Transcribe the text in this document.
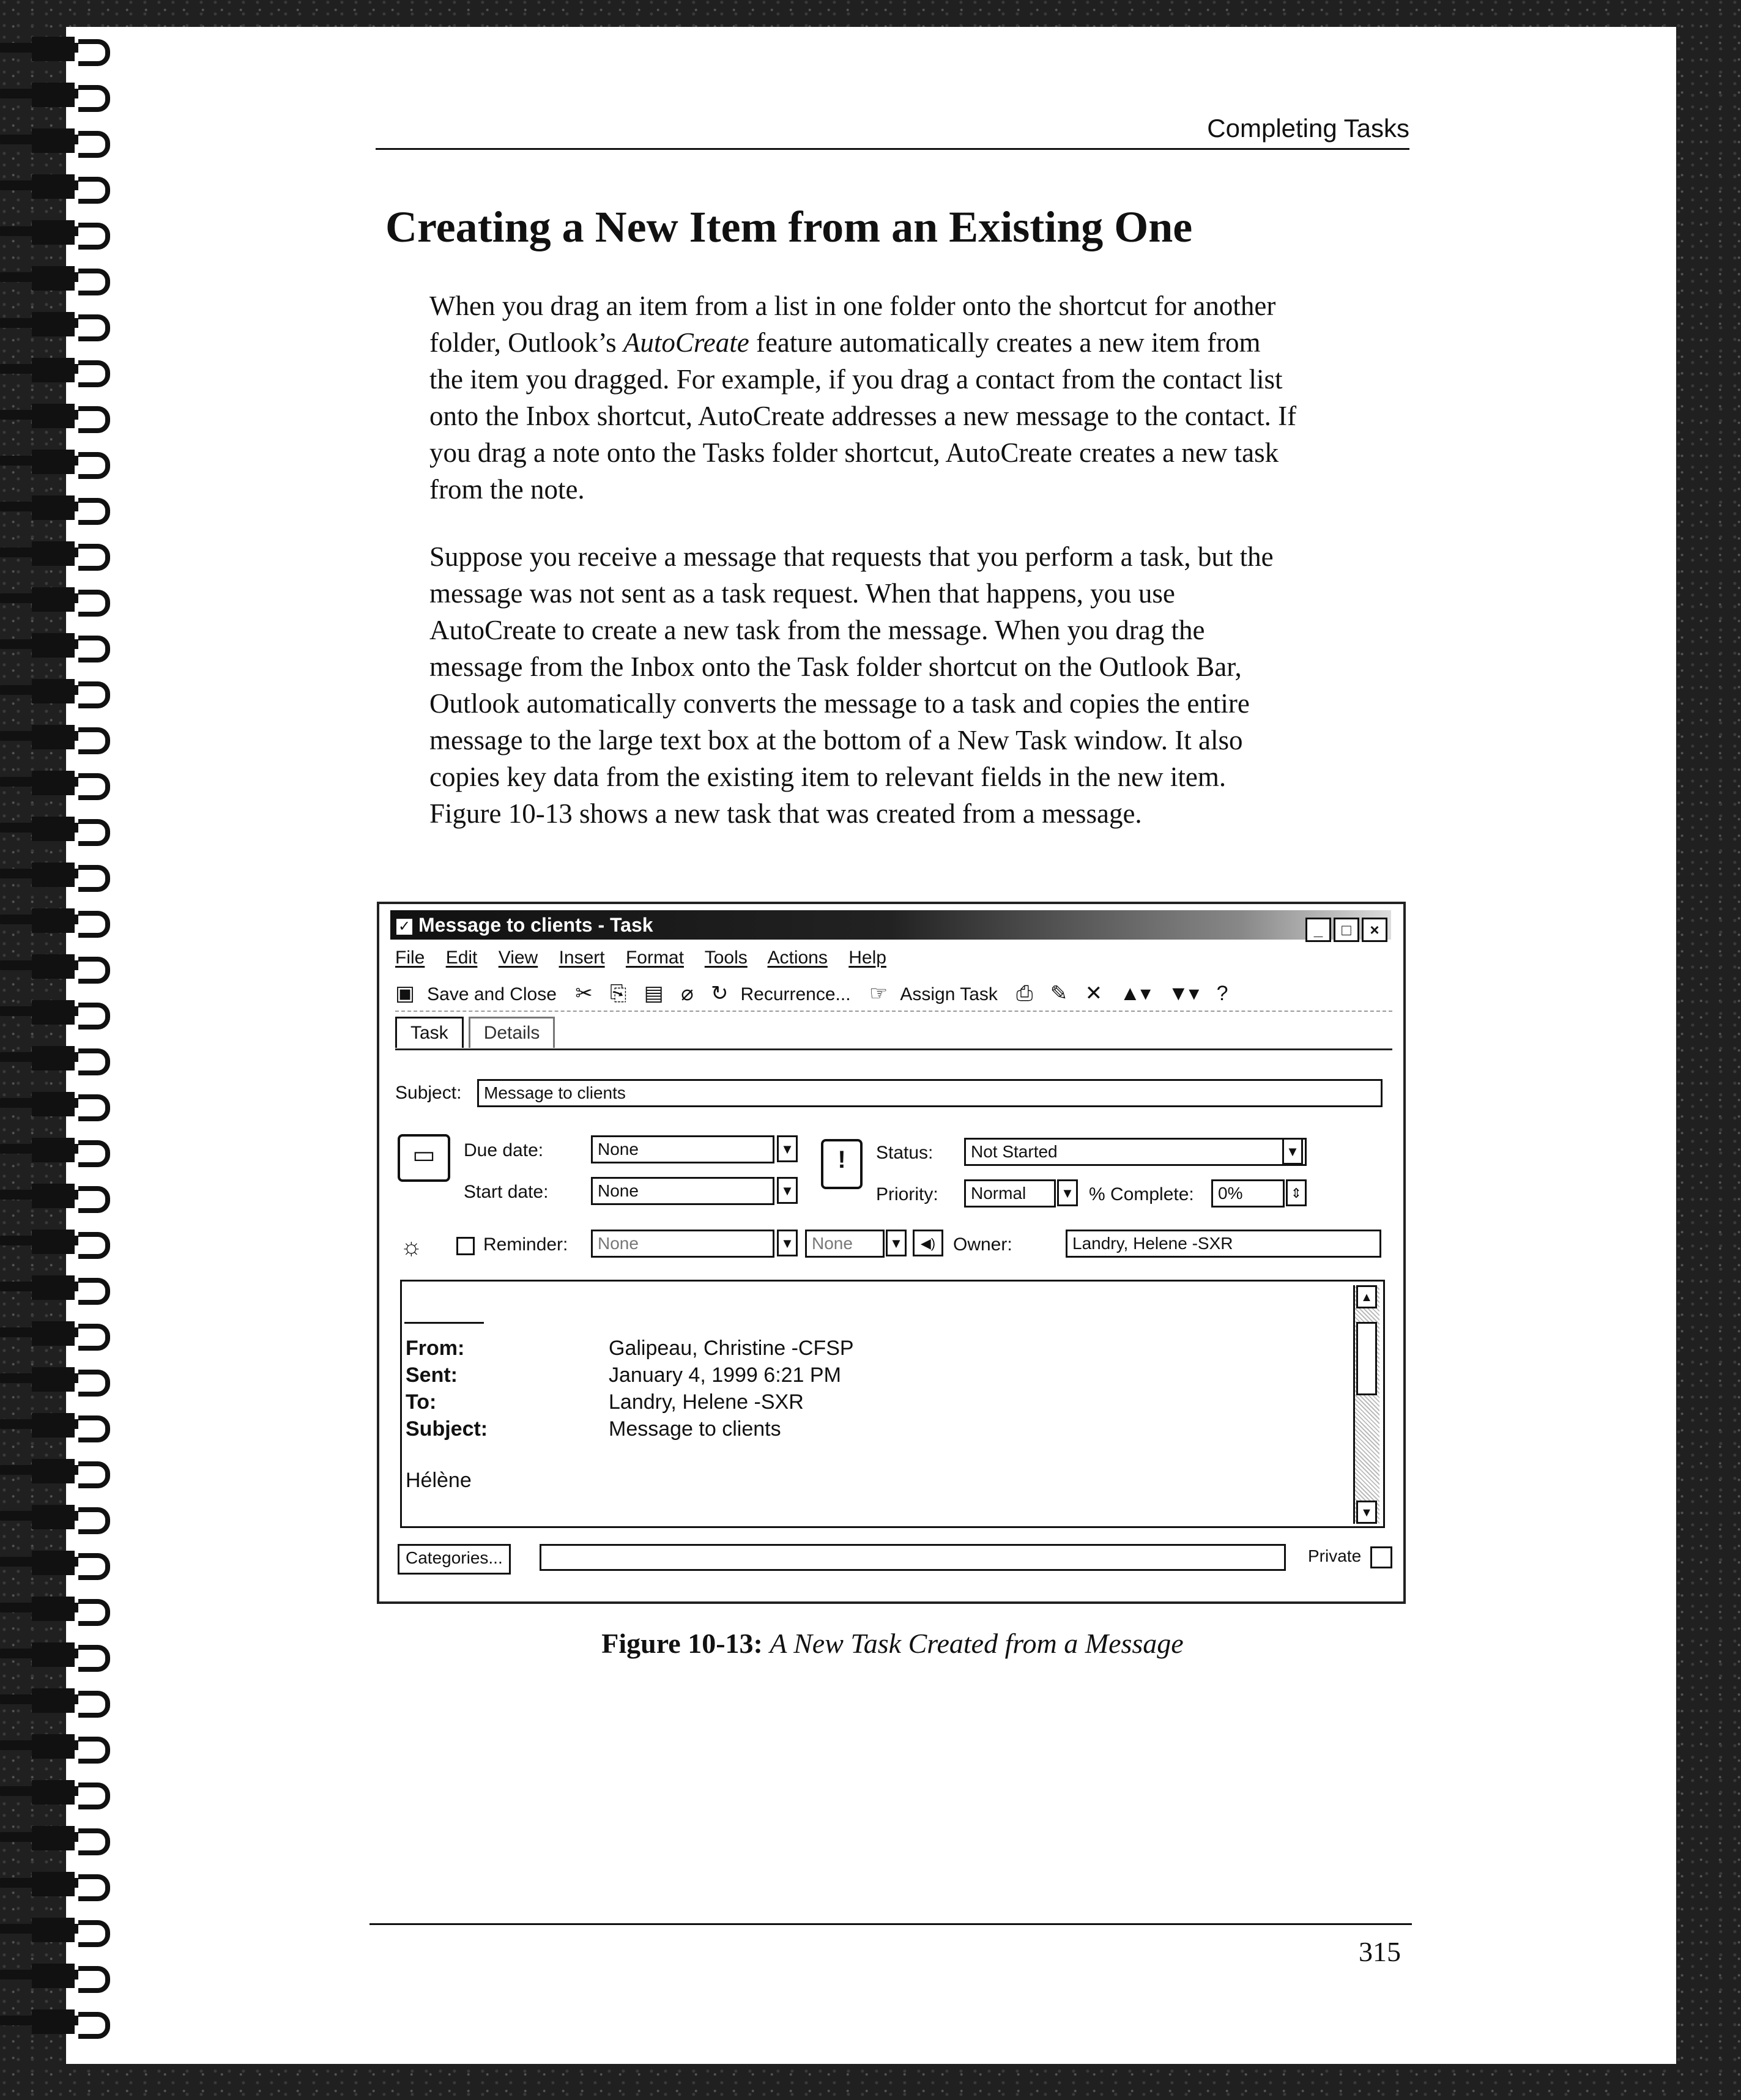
Completing Tasks
Creating a New Item from an Existing One
When you drag an item from a list in one folder onto the shortcut for another
folder, Outlook’s AutoCreate feature automatically creates a new item from
the item you dragged. For example, if you drag a contact from the contact list
onto the Inbox shortcut, AutoCreate addresses a new message to the contact. If
you drag a note onto the Tasks folder shortcut, AutoCreate creates a new task
from the note.
Suppose you receive a message that requests that you perform a task, but the
message was not sent as a task request. When that happens, you use
AutoCreate to create a new task from the message. When you drag the
message from the Inbox onto the Task folder shortcut on the Outlook Bar,
Outlook automatically converts the message to a task and copies the entire
message to the large text box at the bottom of a New Task window. It also
copies key data from the existing item to relevant fields in the new item.
Figure 10-13 shows a new task that was created from a message.
✓ Message to clients - Task	_ □ ×
File Edit View Insert Format Tools Actions Help
▣ Save and Close ✂ ⎘ ▤ ⌀ ↻ Recurrence... ☞ Assign Task ⎙ ✎ ✕ ▲▾ ▼▾ ?
Task Details
Subject:	Message to clients
▭	Due date:	None	▼
Start date:	None	▼
!	Status:	Not Started	▼
Priority:	Normal	▼ % Complete:	0%	⇕
☼	Reminder:	None	▼	None	▼	◀) Owner:	Landry, Helene -SXR
From:	Galipeau, Christine -CFSP
Sent:	January 4, 1999 6:21 PM
To:	Landry, Helene -SXR
Subject:	Message to clients
Hélène
▲
▼
Categories...	Private
Figure 10-13: A New Task Created from a Message
315
